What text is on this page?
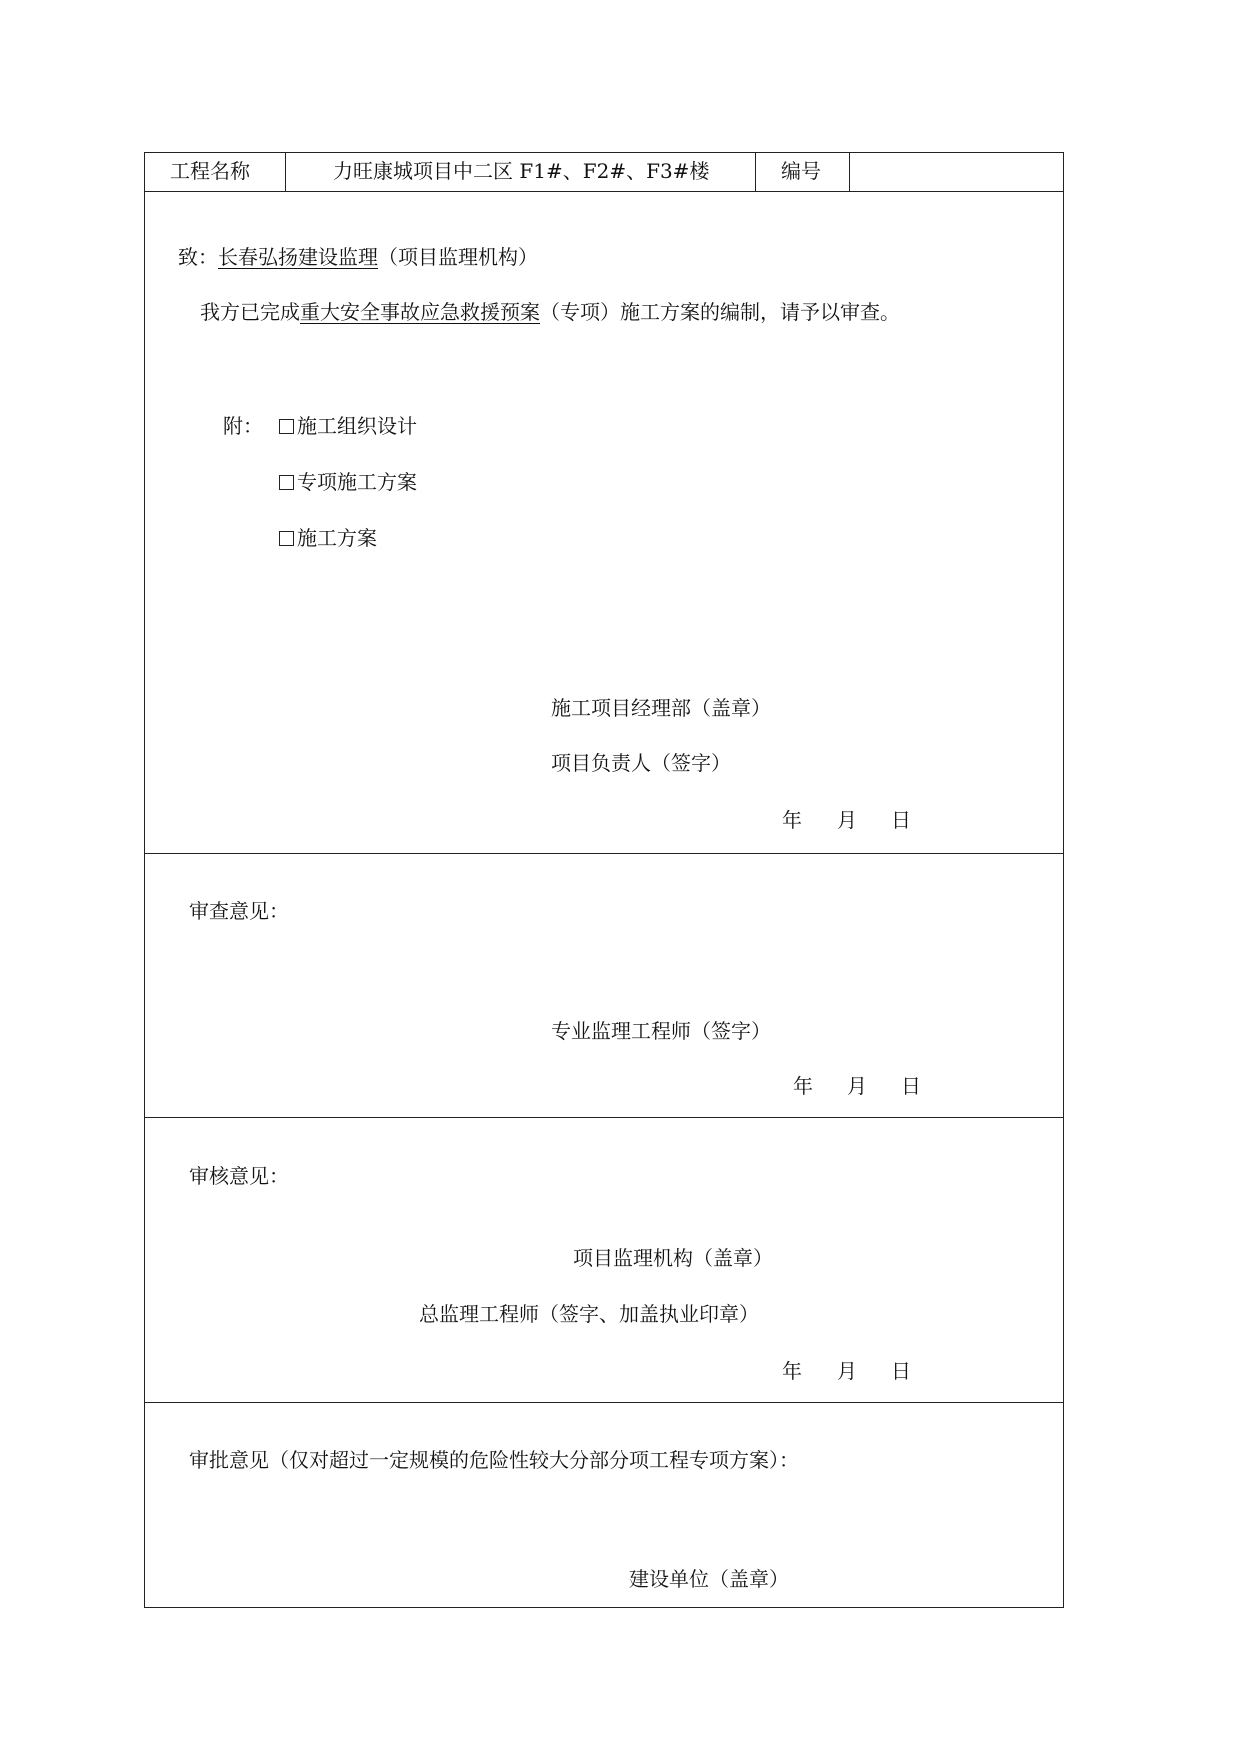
工程名称	力旺康城项目中二区 F1#、F2#、F3#楼	编号
致：长春弘扬建设监理（项目监理机构）
我方已完成重大安全事故应急救援预案（专项）施工方案的编制，请予以审查。
附： 施工组织设计
专项施工方案
施工方案
施工项目经理部（盖章）
项目负责人（签字）
年 月 日
审查意见：
专业监理工程师（签字）
年 月 日
审核意见：
项目监理机构（盖章）
总监理工程师（签字、加盖执业印章）
年 月 日
审批意见（仅对超过一定规模的危险性较大分部分项工程专项方案）：
建设单位（盖章）
